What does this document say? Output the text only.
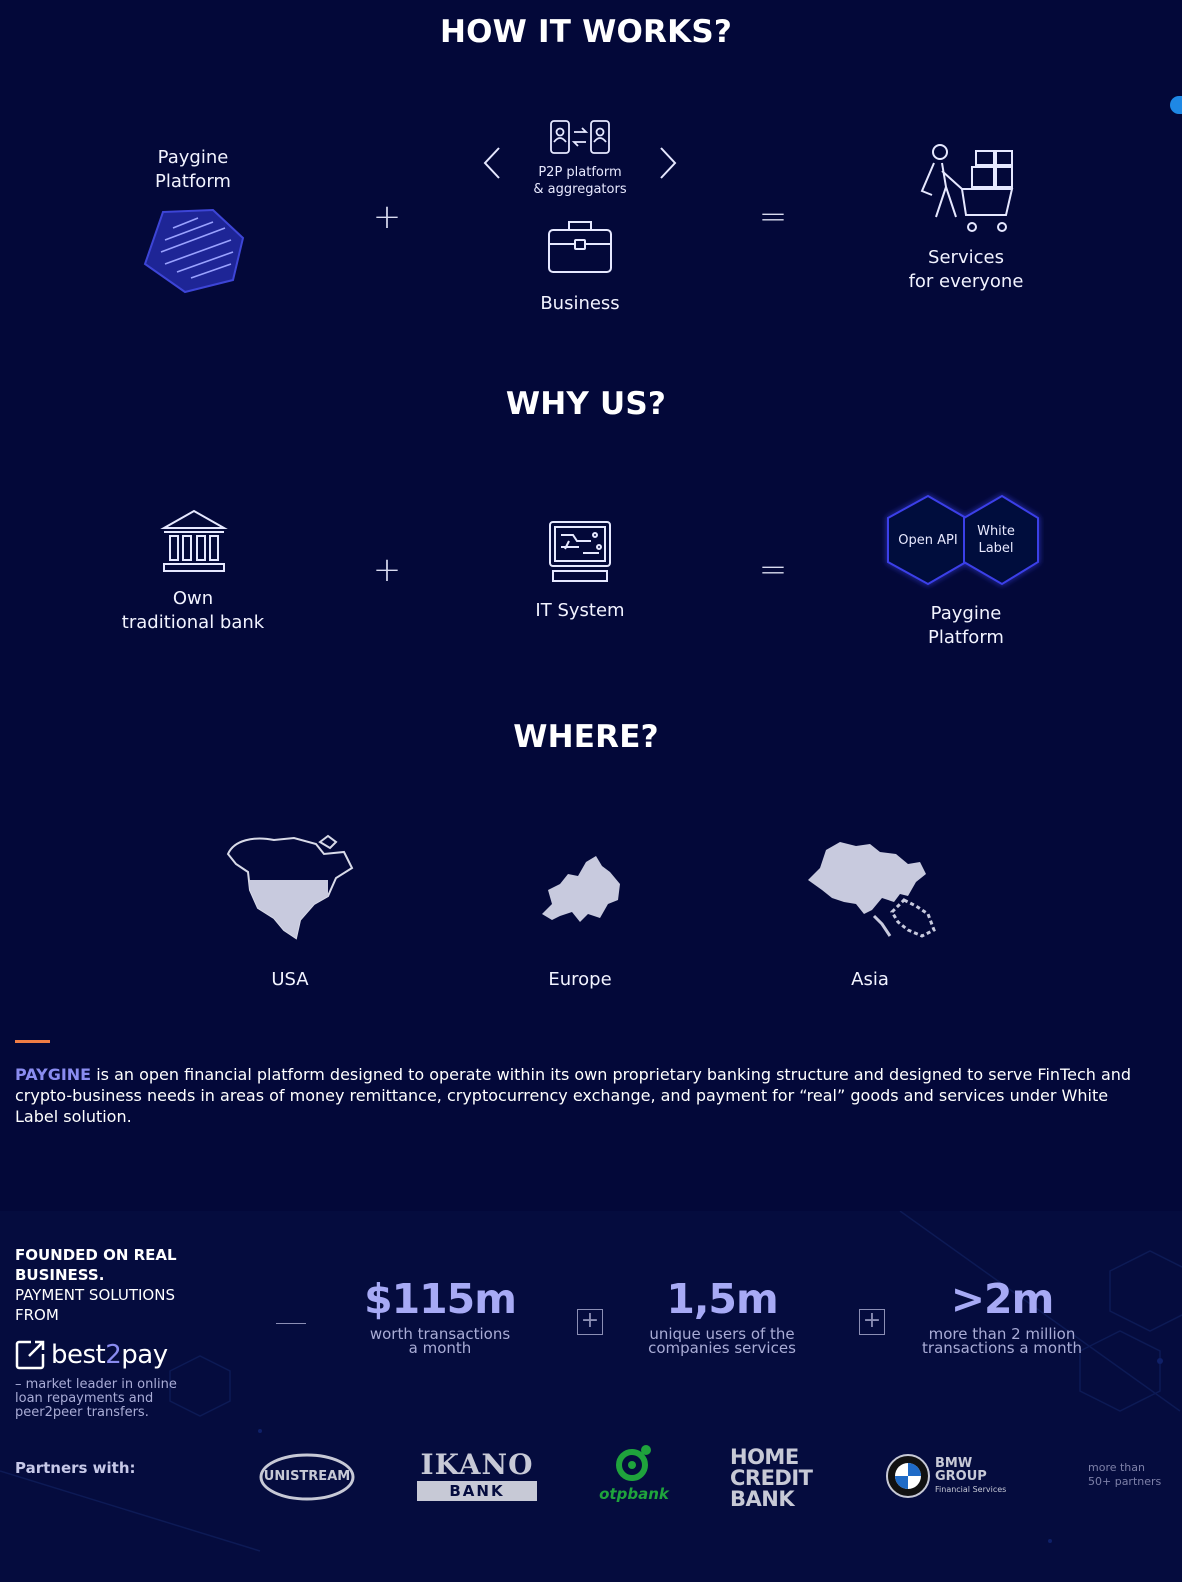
HOW IT WORKS?
Paygine
Platform
+
P2P platform
& aggregators
Business
=
Services
for everyone
WHY US?
Own
traditional bank
+
IT System
=
Open API
White
Label
Paygine
Platform
WHERE?
USA	Europe	Asia
PAYGINE is an open financial platform designed to operate within its own proprietary banking structure and designed to serve FinTech and crypto-business needs in areas of money remittance, cryptocurrency exchange, and payment for “real” goods and services under White Label solution.
FOUNDED ON REAL
BUSINESS.
PAYMENT SOLUTIONS
FROM
best2pay
– market leader in online
loan repayments and
peer2peer transfers.
$115m
worth transactions
a month
+	1,5m
unique users of the
companies services
+	>2m
more than 2 million
transactions a month
Partners with:	UNISTREAM	IKANO
BANK	otpbank
HOME
CREDIT
BANK
BMW
GROUP
Financial Services
more than
50+ partners
